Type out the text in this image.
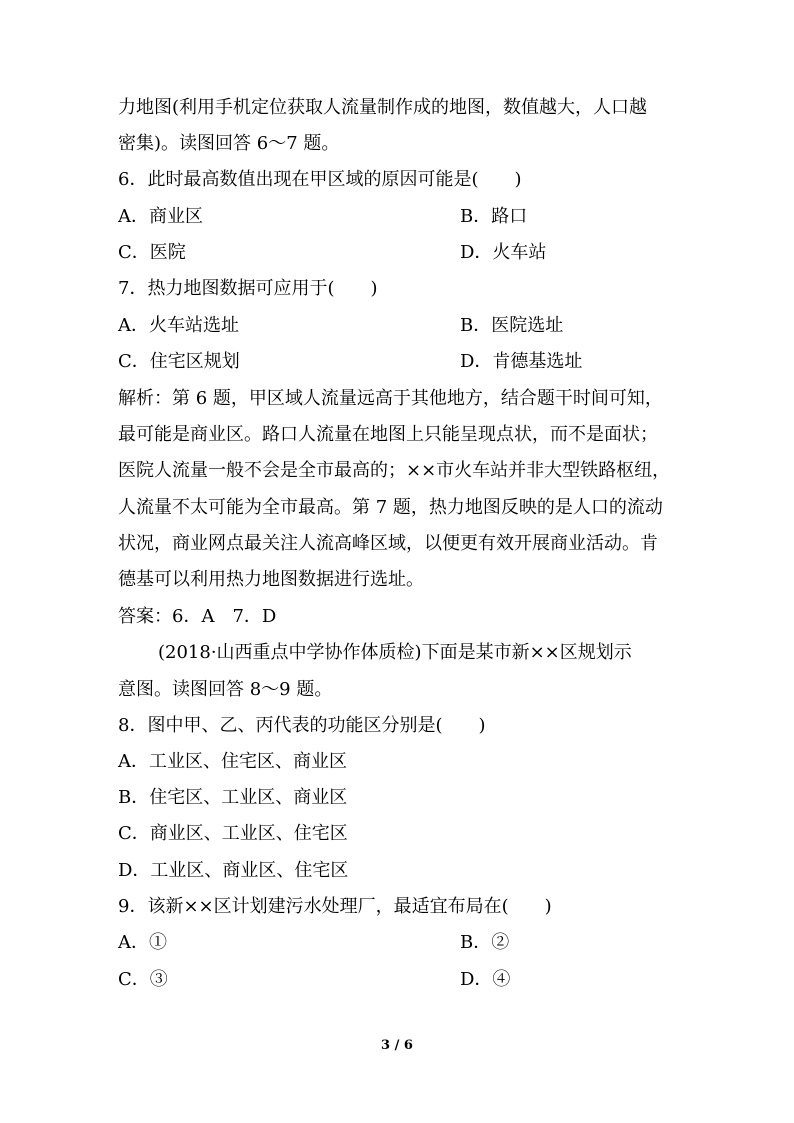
力地图(利用手机定位获取人流量制作成的地图，数值越大，人口越
密集)。读图回答 6～7 题。
6．此时最高数值出现在甲区域的原因可能是(　　)
A．商业区	B．路口
C．医院	D．火车站
7．热力地图数据可应用于(　　)
A．火车站选址	B．医院选址
C．住宅区规划	D．肯德基选址
解析：第 6 题，甲区域人流量远高于其他地方，结合题干时间可知，
最可能是商业区。路口人流量在地图上只能呈现点状，而不是面状；
医院人流量一般不会是全市最高的；××市火车站并非大型铁路枢纽，
人流量不太可能为全市最高。第 7 题，热力地图反映的是人口的流动
状况，商业网点最关注人流高峰区域，以便更有效开展商业活动。肯
德基可以利用热力地图数据进行选址。
答案：6．A　7．D
(2018·山西重点中学协作体质检)下面是某市新××区规划示
意图。读图回答 8～9 题。
8．图中甲、乙、丙代表的功能区分别是(　　)
A．工业区、住宅区、商业区
B．住宅区、工业区、商业区
C．商业区、工业区、住宅区
D．工业区、商业区、住宅区
9．该新××区计划建污水处理厂，最适宜布局在(　　)
A．①	B．②
C．③	D．④
3 / 6
